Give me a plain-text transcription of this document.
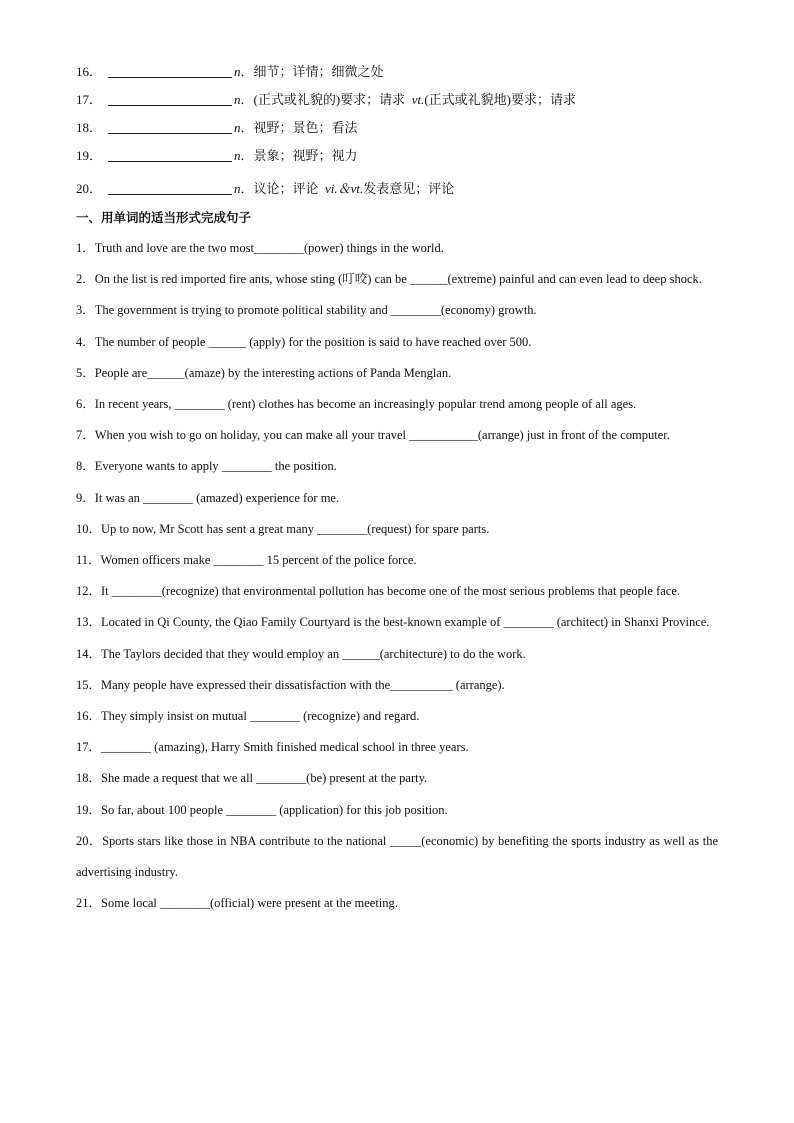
16．	n．细节；详情；细微之处
17．	n．(正式或礼貌的)要求；请求 vt.(正式或礼貌地)要求；请求
18．	n．视野；景色；看法
19．	n．景象；视野；视力
20．	n．议论；评论 vi.＆vt.发表意见；评论
一、用单词的适当形式完成句子
1．Truth and love are the two most________(power) things in the world.
2．On the list is red imported fire ants, whose sting (叮咬) can be ______(extreme) painful and can even lead to deep shock.
3．The government is trying to promote political stability and ________(economy) growth.
4．The number of people ______ (apply) for the position is said to have reached over 500.
5．People are______(amaze) by the interesting actions of Panda Menglan.
6．In recent years, ________ (rent) clothes has become an increasingly popular trend among people of all ages.
7．When you wish to go on holiday, you can make all your travel ___________(arrange) just in front of the computer.
8．Everyone wants to apply ________ the position.
9．It was an ________ (amazed) experience for me.
10．Up to now, Mr Scott has sent a great many ________(request) for spare parts.
11．Women officers make ________ 15 percent of the police force.
12．It ________(recognize) that environmental pollution has become one of the most serious problems that people face.
13．Located in Qi County, the Qiao Family Courtyard is the best-known example of ________ (architect) in Shanxi Province.
14．The Taylors decided that they would employ an ______(architecture) to do the work.
15．Many people have expressed their dissatisfaction with the__________ (arrange).
16．They simply insist on mutual ________ (recognize) and regard.
17．________ (amazing), Harry Smith finished medical school in three years.
18．She made a request that we all ________(be) present at the party.
19．So far, about 100 people ________ (application) for this job position.
20．Sports stars like those in NBA contribute to the national _____(economic) by benefiting the sports industry as well as the advertising industry.
21．Some local ________(official) were present at the meeting.
